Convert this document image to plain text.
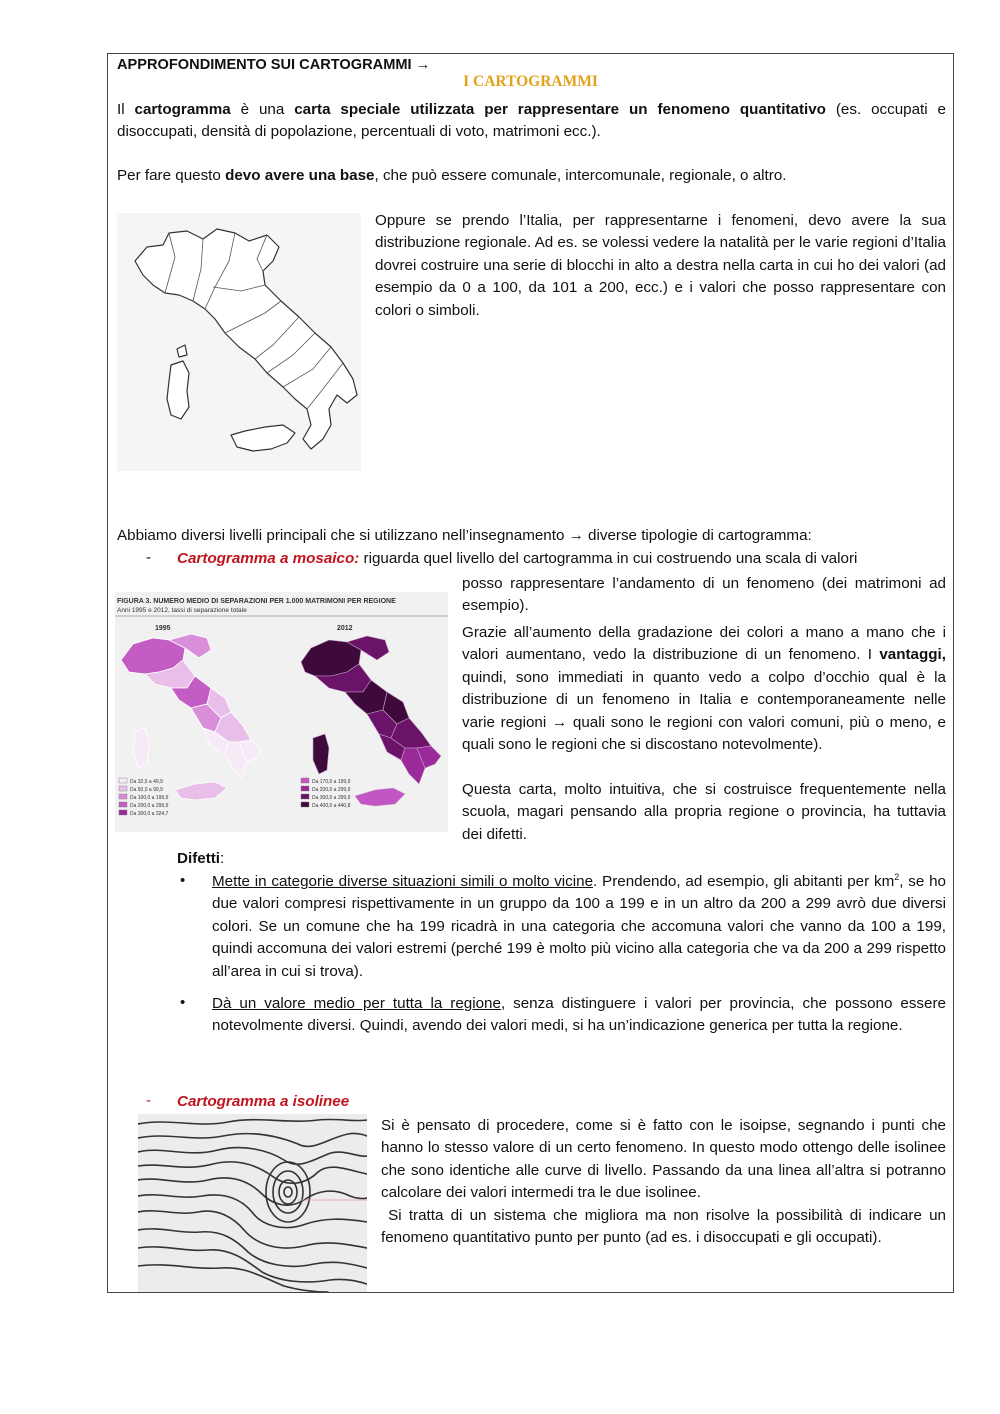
APPROFONDIMENTO SUI CARTOGRAMMI →
I CARTOGRAMMI
Il cartogramma è una carta speciale utilizzata per rappresentare un fenomeno quantitativo (es. occupati e disoccupati, densità di popolazione, percentuali di voto, matrimoni ecc.).
Per fare questo devo avere una base, che può essere comunale, intercomunale, regionale, o altro.
Oppure se prendo l’Italia, per rappresentarne i fenomeni, devo avere la sua distribuzione regionale. Ad es. se volessi vedere la natalità per le varie regioni d’Italia dovrei costruire una serie di blocchi in alto a destra nella carta in cui ho dei valori (ad esempio da 0 a 100, da 101 a 200, ecc.) e i valori che posso rappresentare con colori o simboli.
Abbiamo diversi livelli principali che si utilizzano nell’insegnamento → diverse tipologie di cartogramma:
- Cartogramma a mosaico: riguarda quel livello del cartogramma in cui costruendo una scala di valori
FIGURA 3. NUMERO MEDIO DI SEPARAZIONI PER 1.000 MATRIMONI PER REGIONE
Anni 1995 e 2012, tassi di separazione totale
1995	2012
Da 32,5 a 49,9
Da 50,0 a 99,9
Da 100,0 a 199,9
Da 200,0 a 299,9
Da 300,0 a 324,7
Da 170,0 a 199,9
Da 200,0 a 299,9
Da 300,0 a 399,9
Da 400,0 a 440,8
posso rappresentare l’andamento di un fenomeno (dei matrimoni ad esempio).
Grazie all’aumento della gradazione dei colori a mano a mano che i valori aumentano, vedo la distribuzione di un fenomeno. I vantaggi, quindi, sono immediati in quanto vedo a colpo d’occhio qual è la distribuzione di un fenomeno in Italia e contemporaneamente nelle varie regioni → quali sono le regioni con valori comuni, più o meno, e quali sono le regioni che si discostano notevolmente).
Questa carta, molto intuitiva, che si costruisce frequentemente nella scuola, magari pensando alla propria regione o provincia, ha tuttavia dei difetti.
Difetti:
• Mette in categorie diverse situazioni simili o molto vicine. Prendendo, ad esempio, gli abitanti per $km^2$, se ho due valori compresi rispettivamente in un gruppo da 100 a 199 e in un altro da 200 a 299 avrò due diversi colori. Se un comune che ha 199 ricadrà in una categoria che accomuna valori che vanno da 100 a 199, quindi accomuna dei valori estremi (perché 199 è molto più vicino alla categoria che va da 200 a 299 rispetto all’area in cui si trova).
• Dà un valore medio per tutta la regione, senza distinguere i valori per provincia, che possono essere notevolmente diversi. Quindi, avendo dei valori medi, si ha un’indicazione generica per tutta la regione.
- Cartogramma a isolinee
Si è pensato di procedere, come si è fatto con le isoipse, segnando i punti che hanno lo stesso valore di un certo fenomeno. In questo modo ottengo delle isolinee che sono identiche alle curve di livello. Passando da una linea all’altra si potranno calcolare dei valori intermedi tra le due isolinee.
Si tratta di un sistema che migliora ma non risolve la possibilità di indicare un fenomeno quantitativo punto per punto (ad es. i disoccupati e gli occupati).
